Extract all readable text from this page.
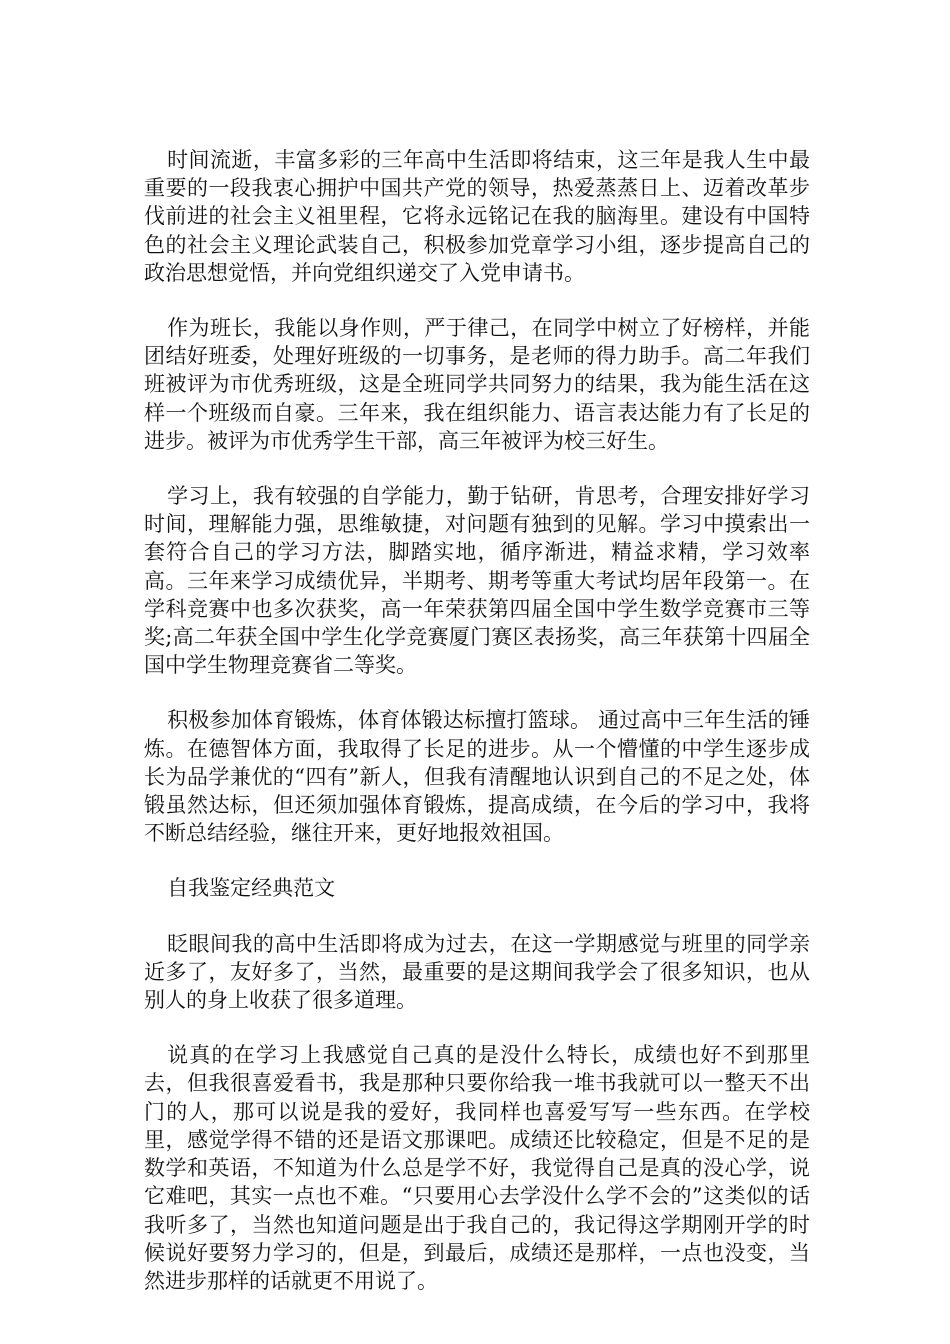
时间流逝，丰富多彩的三年高中生活即将结束，这三年是我人生中最重要的一段我衷心拥护中国共产党的领导，热爱蒸蒸日上、迈着改革步伐前进的社会主义祖里程，它将永远铭记在我的脑海里。建设有中国特色的社会主义理论武装自己，积极参加党章学习小组，逐步提高自己的政治思想觉悟，并向党组织递交了入党申请书。

作为班长，我能以身作则，严于律己，在同学中树立了好榜样，并能团结好班委，处理好班级的一切事务，是老师的得力助手。高二年我们班被评为市优秀班级，这是全班同学共同努力的结果，我为能生活在这样一个班级而自豪。三年来，我在组织能力、语言表达能力有了长足的进步。被评为市优秀学生干部，高三年被评为校三好生。

学习上，我有较强的自学能力，勤于钻研，肯思考，合理安排好学习时间，理解能力强，思维敏捷，对问题有独到的见解。学习中摸索出一套符合自己的学习方法，脚踏实地，循序渐进，精益求精，学习效率高。三年来学习成绩优异，半期考、期考等重大考试均居年段第一。在学科竞赛中也多次获奖，高一年荣获第四届全国中学生数学竞赛市三等奖;高二年获全国中学生化学竞赛厦门赛区表扬奖，高三年获第十四届全国中学生物理竞赛省二等奖。

积极参加体育锻炼，体育体锻达标擅打篮球。 通过高中三年生活的锤炼。在德智体方面，我取得了长足的进步。从一个懵懂的中学生逐步成长为品学兼优的“四有”新人，但我有清醒地认识到自己的不足之处，体锻虽然达标，但还须加强体育锻炼，提高成绩，在今后的学习中，我将不断总结经验，继往开来，更好地报效祖国。

自我鉴定经典范文

眨眼间我的高中生活即将成为过去，在这一学期感觉与班里的同学亲近多了，友好多了，当然，最重要的是这期间我学会了很多知识，也从别人的身上收获了很多道理。

说真的在学习上我感觉自己真的是没什么特长，成绩也好不到那里去，但我很喜爱看书，我是那种只要你给我一堆书我就可以一整天不出门的人，那可以说是我的爱好，我同样也喜爱写写一些东西。在学校里，感觉学得不错的还是语文那课吧。成绩还比较稳定，但是不足的是数学和英语，不知道为什么总是学不好，我觉得自己是真的没心学，说它难吧，其实一点也不难。“只要用心去学没什么学不会的”这类似的话我听多了，当然也知道问题是出于我自己的，我记得这学期刚开学的时候说好要努力学习的，但是，到最后，成绩还是那样，一点也没变，当然进步那样的话就更不用说了。
